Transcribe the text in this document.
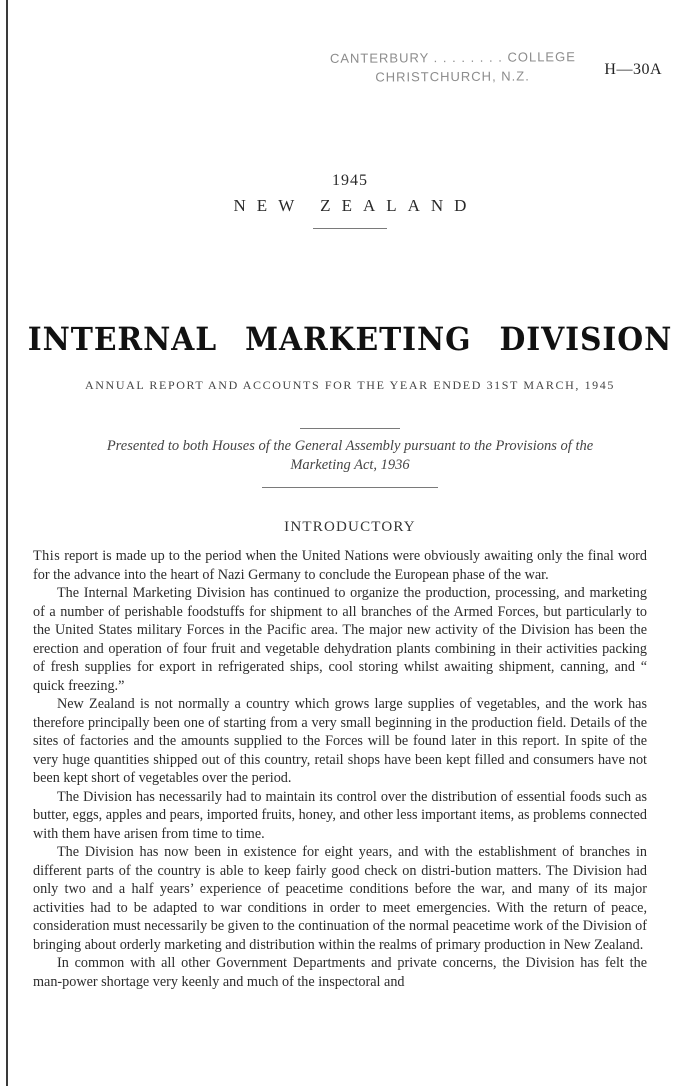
CANTERBURY . . . . . . . . COLLEGE
CHRISTCHURCH, N.Z.	H—30A
1945
NEW ZEALAND
INTERNAL MARKETING DIVISION
ANNUAL REPORT AND ACCOUNTS FOR THE YEAR ENDED 31ST MARCH, 1945

Presented to both Houses of the General Assembly pursuant to the Provisions of the

Marketing Act, 1936

INTRODUCTORY

This report is made up to the period when the United Nations were obviously awaiting only the final word for the advance into the heart of Nazi Germany to conclude the European phase of the war.

The Internal Marketing Division has continued to organize the production, processing, and marketing of a number of perishable foodstuffs for shipment to all branches of the Armed Forces, but particularly to the United States military Forces in the Pacific area. The major new activity of the Division has been the erection and operation of four fruit and vegetable dehydration plants combining in their activities packing of fresh supplies for export in refrigerated ships, cool storing whilst awaiting shipment, canning, and “ quick freezing.”

New Zealand is not normally a country which grows large supplies of vegetables, and the work has therefore principally been one of starting from a very small beginning in the production field. Details of the sites of factories and the amounts supplied to the Forces will be found later in this report. In spite of the very huge quantities shipped out of this country, retail shops have been kept filled and consumers have not been kept short of vegetables over the period.

The Division has necessarily had to maintain its control over the distribution of essential foods such as butter, eggs, apples and pears, imported fruits, honey, and other less important items, as problems connected with them have arisen from time to time.

The Division has now been in existence for eight years, and with the establishment of branches in different parts of the country is able to keep fairly good check on distri-bution matters. The Division had only two and a half years’ experience of peacetime conditions before the war, and many of its major activities had to be adapted to war conditions in order to meet emergencies. With the return of peace, consideration must necessarily be given to the continuation of the normal peacetime work of the Division of bringing about orderly marketing and distribution within the realms of primary production in New Zealand.

In common with all other Government Departments and private concerns, the Division has felt the man-power shortage very keenly and much of the inspectoral and
